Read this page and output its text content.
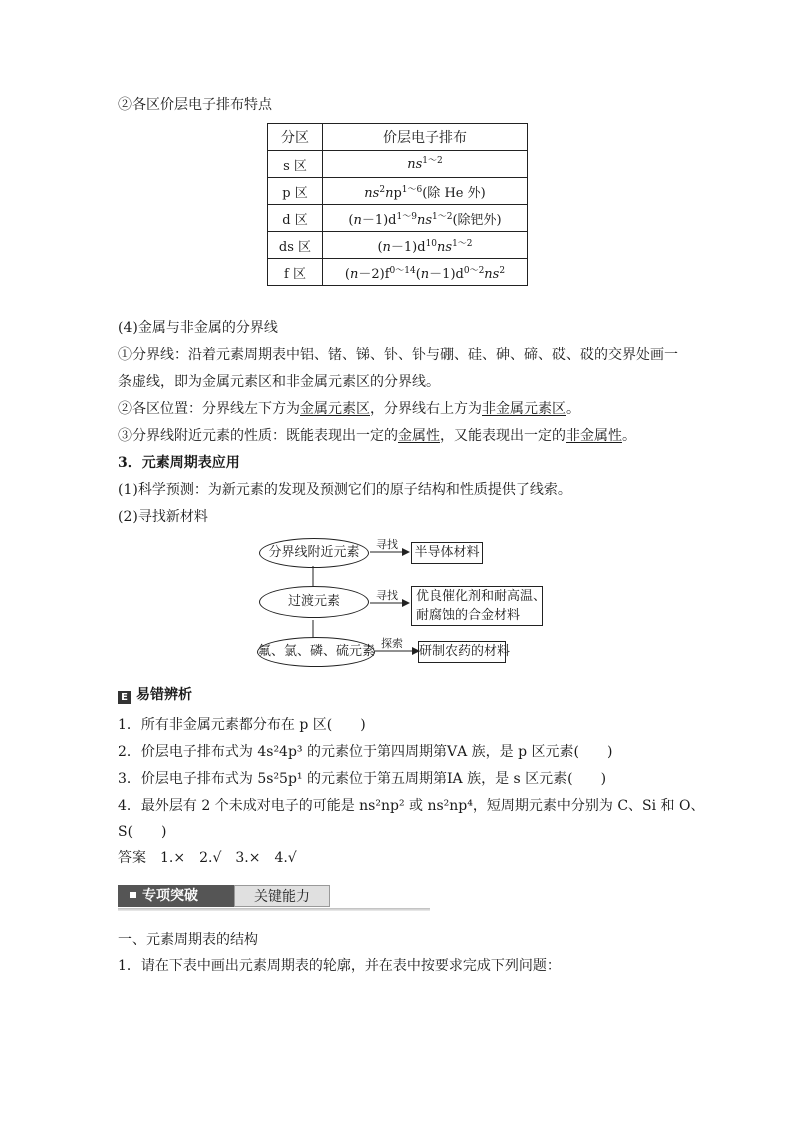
②各区价层电子排布特点
分区	价层电子排布
s 区	$ns^{1\sim 2}$
p 区	$ns^2np^{1\sim 6}$(除 He 外)
d 区	$(n-1)d^{1\sim 9}ns^{1\sim 2}$(除钯外)
ds 区	$(n-1)d^{10}ns^{1\sim 2}$
f 区	$(n-2)f^{0\sim 14}(n-1)d^{0\sim 2}ns^2$
(4)金属与非金属的分界线
①分界线：沿着元素周期表中铝、锗、锑、钋、钋与硼、硅、砷、碲、砹、砹的交界处画一
条虚线，即为金属元素区和非金属元素区的分界线。
②各区位置：分界线左下方为金属元素区，分界线右上方为非金属元素区。
③分界线附近元素的性质：既能表现出一定的金属性，又能表现出一定的非金属性。
3．元素周期表应用
(1)科学预测：为新元素的发现及预测它们的原子结构和性质提供了线索。
(2)寻找新材料
分界线附近元素
过渡元素
氟、氯、磷、硫元素
寻找
寻找
探索
半导体材料
优良催化剂和耐高温、
耐腐蚀的合金材料
研制农药的材料
E 易错辨析
1．所有非金属元素都分布在 p 区(　　)
2．价层电子排布式为 4s²4p³ 的元素位于第四周期第ⅤA 族，是 p 区元素(　　)
3．价层电子排布式为 5s²5p¹ 的元素位于第五周期第ⅠA 族，是 s 区元素(　　)
4．最外层有 2 个未成对电子的可能是 ns²np² 或 ns²np⁴，短周期元素中分别为 C、Si 和 O、
S(　　)
答案　1.×　2.√　3.×　4.√
专项突破	关键能力
一、元素周期表的结构
1．请在下表中画出元素周期表的轮廓，并在表中按要求完成下列问题：
